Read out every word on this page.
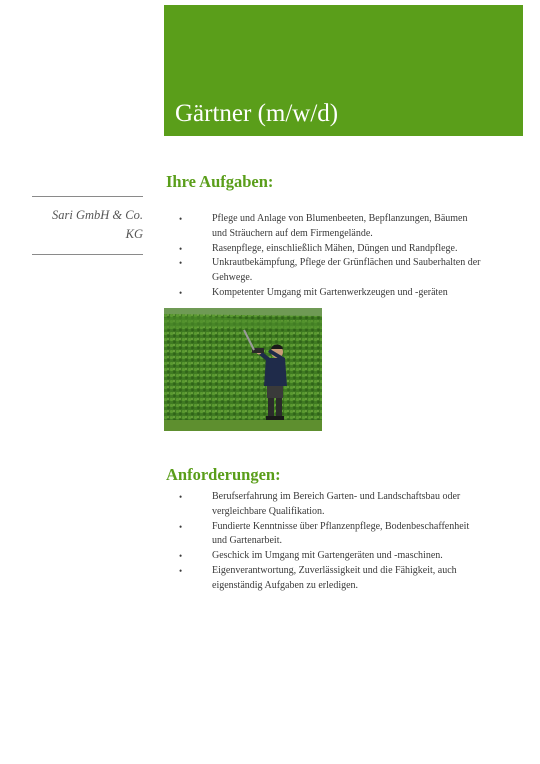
Gärtner (m/w/d)
Sari GmbH & Co.
KG
Ihre Aufgaben:
•	Pflege und Anlage von Blumenbeeten, Bepflanzungen, Bäumen
und Sträuchern auf dem Firmengelände.
•	Rasenpflege, einschließlich Mähen, Düngen und Randpflege.
•	Unkrautbekämpfung, Pflege der Grünflächen und Sauberhalten der
Gehwege.
•	Kompetenter Umgang mit Gartenwerkzeugen und -geräten
Anforderungen:
•	Berufserfahrung im Bereich Garten- und Landschaftsbau oder
vergleichbare Qualifikation.
•	Fundierte Kenntnisse über Pflanzenpflege, Bodenbeschaffenheit
und Gartenarbeit.
•	Geschick im Umgang mit Gartengeräten und -maschinen.
•	Eigenverantwortung, Zuverlässigkeit und die Fähigkeit, auch
eigenständig Aufgaben zu erledigen.
